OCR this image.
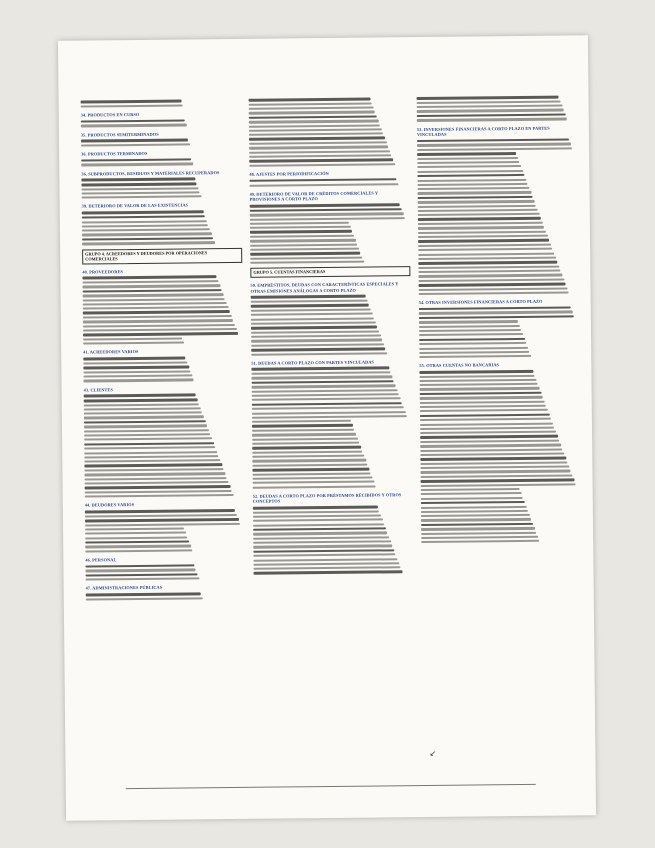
34. PRODUCTOS EN CURSO
35. PRODUCTOS SEMITERMINADOS
36. PRODUCTOS TERMINADOS
36. SUBPRODUCTOS, RESIDUOS Y MATERIALES RECUPERADOS
39. DETERIORO DE VALOR DE LAS EXISTENCIAS
GRUPO 4. ACREEDORES Y DEUDORES POR OPERACIONES COMERCIALES
40. PROVEEDORES
41. ACREEDORES VARIOS
43. CLIENTES
44. DEUDORES VARIOS
46. PERSONAL
47. ADMINISTRACIONES PÚBLICAS
48. AJUSTES POR PERIODIFICACIÓN
49. DETERIORO DE VALOR DE CRÉDITOS COMERCIALES Y PROVISIONES A CORTO PLAZO
GRUPO 5. CUENTAS FINANCIERAS
50. EMPRÉSTITOS, DEUDAS CON CARACTERÍSTICAS ESPECIALES Y OTRAS EMISIONES ANÁLOGAS A CORTO PLAZO
51. DEUDAS A CORTO PLAZO CON PARTES VINCULADAS
52. DEUDAS A CORTO PLAZO POR PRÉSTAMOS RECIBIDOS Y OTROS CONCEPTOS
53. INVERSIONES FINANCIERAS A CORTO PLAZO EN PARTES VINCULADAS
54. OTRAS INVERSIONES FINANCIERAS A CORTO PLAZO
55. OTRAS CUENTAS NO BANCARIAS
↙
